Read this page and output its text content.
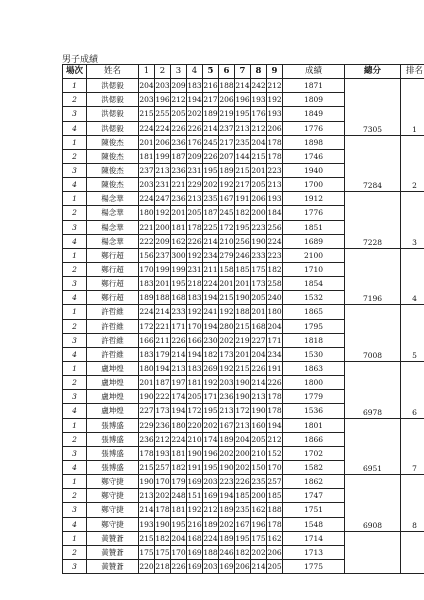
男子成績
場次	姓名	1	2	3	4	5	6	7	8	9	成績	總分	排名
1	洪偲毅	204	203	209	183	216	188	214	242	212	1871	7305	1
2	洪偲毅	203	196	212	194	217	206	196	193	192	1809		
3	洪偲毅	215	255	205	202	189	219	195	176	193	1849		
4	洪偲毅	224	224	226	226	214	237	213	212	206	1776		
1	陳俊杰	201	206	236	176	245	217	235	204	178	1898	7284	2
2	陳俊杰	181	199	187	209	226	207	144	215	178	1746		
3	陳俊杰	237	213	236	231	195	189	215	201	223	1940		
4	陳俊杰	203	231	221	229	202	192	217	205	213	1700		
1	楊念華	224	247	236	213	235	167	191	206	193	1912	7228	3
2	楊念華	180	192	201	205	187	245	182	200	184	1776		
3	楊念華	221	200	181	178	225	172	195	223	256	1851		
4	楊念華	222	209	162	226	214	210	256	190	224	1689		
1	鄭行超	156	237	300	192	234	279	246	233	223	2100	7196	4
2	鄭行超	170	199	199	231	211	158	185	175	182	1710		
3	鄭行超	183	201	195	218	224	201	201	173	258	1854		
4	鄭行超	189	188	168	183	194	215	190	205	240	1532		
1	許哲維	224	214	233	192	241	192	188	201	180	1865	7008	5
2	許哲維	172	221	171	170	194	280	215	168	204	1795		
3	許哲維	166	211	226	166	230	202	219	227	171	1818		
4	許哲維	183	179	214	194	182	173	201	204	234	1530		
1	盧坤煌	180	194	213	183	269	192	215	226	191	1863	6978	6
2	盧坤煌	201	187	197	181	192	203	190	214	226	1800		
3	盧坤煌	190	222	174	205	171	236	190	213	178	1779		
4	盧坤煌	227	173	194	172	195	213	172	190	178	1536		
1	張博盛	229	236	180	220	202	167	213	160	194	1801	6951	7
2	張博盛	236	212	224	210	174	189	204	205	212	1866		
3	張博盛	178	193	181	190	196	202	200	210	152	1702		
4	張博盛	215	257	182	191	195	190	202	150	170	1582		
1	鄭守捷	190	170	179	169	203	223	226	235	257	1862	6908	8
2	鄭守捷	213	202	248	151	169	194	185	200	185	1747		
3	鄭守捷	214	178	181	192	212	189	235	162	188	1751		
4	鄭守捷	193	190	195	216	189	202	167	196	178	1548		
1	黃贊蒼	215	182	204	168	224	189	195	175	162	1714		
2	黃贊蒼	175	175	170	169	188	246	182	202	206	1713		
3	黃贊蒼	220	218	226	169	203	169	206	214	205	1775		
